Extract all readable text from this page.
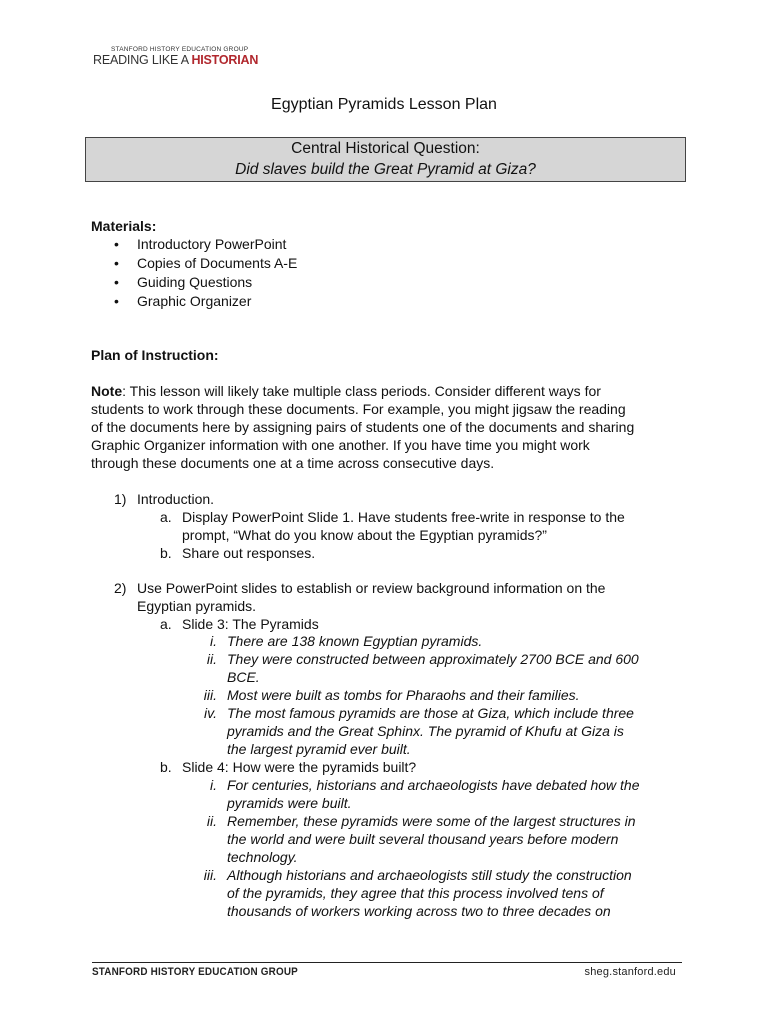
STANFORD HISTORY EDUCATION GROUP
READING LIKE A HISTORIAN
Egyptian Pyramids Lesson Plan
Central Historical Question:
Did slaves build the Great Pyramid at Giza?
Materials:
• Introductory PowerPoint
• Copies of Documents A-E
• Guiding Questions
• Graphic Organizer
Plan of Instruction:
Note: This lesson will likely take multiple class periods. Consider different ways for
students to work through these documents. For example, you might jigsaw the reading
of the documents here by assigning pairs of students one of the documents and sharing
Graphic Organizer information with one another. If you have time you might work
through these documents one at a time across consecutive days.
1) Introduction.
a. Display PowerPoint Slide 1. Have students free-write in response to the
prompt, “What do you know about the Egyptian pyramids?”
b. Share out responses.
2) Use PowerPoint slides to establish or review background information on the
Egyptian pyramids.
a. Slide 3: The Pyramids
i. There are 138 known Egyptian pyramids.
ii. They were constructed between approximately 2700 BCE and 600
BCE.
iii. Most were built as tombs for Pharaohs and their families.
iv. The most famous pyramids are those at Giza, which include three
pyramids and the Great Sphinx. The pyramid of Khufu at Giza is
the largest pyramid ever built.
b. Slide 4: How were the pyramids built?
i. For centuries, historians and archaeologists have debated how the
pyramids were built.
ii. Remember, these pyramids were some of the largest structures in
the world and were built several thousand years before modern
technology.
iii. Although historians and archaeologists still study the construction
of the pyramids, they agree that this process involved tens of
thousands of workers working across two to three decades on
STANFORD HISTORY EDUCATION GROUP	sheg.stanford.edu
